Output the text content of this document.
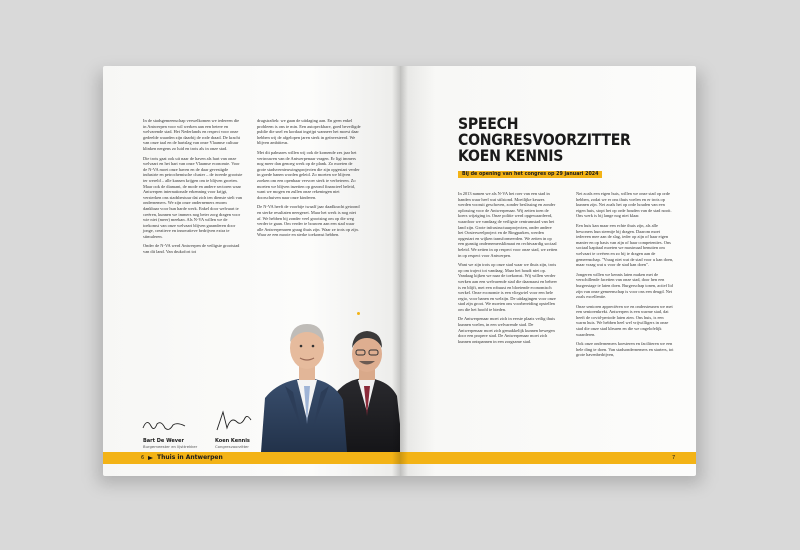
In de stadsgemeenschap verwelkomen we iedereen die in Antwerpen voor wil werken aan een betere en welvarende stad. Het Nederlands en respect voor onze gedeelde waarden zijn daarbij de rode draad. De kracht van onze taal en de hartslag van onze Vlaamse cultuur klinken nergens zo luid en trots als in onze stad.

Die trots gaat ook uit naar de haven als hart van onze welvaart en het hart van onze Vlaamse economie. Voor de N-VA moet onze haven en de daar gevestigde industrie en petrochemische cluster – de tweede grootste ter wereld – alle kansen krijgen om te blijven groeien. Maar ook de diamant, de mode en andere sectoren waar Antwerpen internationale erkenning voor krijgt, versterken ons stadsbestuur dat zich ten dienste stelt van ondernemers. We zijn onze ondernemers enorm dankbaar voor hun harde werk. Enkel door welvaart te creëren, kunnen we immers nog beter zorg dragen voor wie niet (meer) meekan. Als N-VA willen we de toekomst van onze welvaart blijven garanderen door jonge, creatieve en innovatieve bedrijven extra te stimuleren.

Onder de N-VA werd Antwerpen de veiligste grootstad van dit land. Van drukofort tot

drugstrafiek: we gaan de uitdaging aan. En geen enkel probleem is ons te min. Een autopeckbare, goed beveiligde publie die snel en kordaat ingrijpt wanneer het moest daar hebben wij de afgelopen jaren sterk in geïnvesteerd. We blijven ambitieus.

Met dit palmares willen wij ook de komende zes jaar het vertrouwen van de Antwerpenaar vragen. Er ligt immers nog meer dan genoeg werk op de plank. Zo moeten de grote stadsvernieuwingsprojecten die zijn opgestart verder in goede banen worden geleid. Zo moeten we blijven zoeken om een openbaar vervoer sterk te verbeteren. Zo moeten we blijven inzetten op gezond financieel beleid, want we mogen en zullen onze rekeningen niet doorschuiven naar onze kinderen.

De N-VA heeft de voorbije twaalf jaar daadkracht getoond en sterke resultaten neergezet. Maar het werk is nog niet af. We hebben bij zonder veel grootsing om op die weg verder te gaan. Om verder te bouwen aan een stad waar alle Antwerpenaren graag thuis zijn. Waar ze trots op zijn. Waar ze een mooie en sterke toekomst hebben.

Bart De Wever
Burgemeester en lijsttrekker
Koen Kennis
Congresvoorzitter
6 Thuis in Antwerpen
SPEECH
CONGRESVOORZITTER
KOEN KENNIS
Bij de opening van het congres op 29 januari 2024

In 2013 namen we als N-VA het roer van een stad in handen waar heel wat stilstond. Moeilijke keuzes werden vooruit geschoven, zonder beslissing en zonder oplossing voor de Antwerpenaar. Wij zetten toen de koers wijziging in. Onze politie werd opgewaardeerd, waardoor we vandaag de veiligste centrumstad van het land zijn. Grote infrastructuurprojecten, onder andere het Oosterweelproject en de Ringparken, werden opgestart en wijken transformeerden. We zetten in op een gunstig ondernemersklimaat en rechtvaardig sociaal beleid. We zetten in op respect voor onze stad, we zetten in op respect voor Antwerpen.

Want we zijn trots op onze stad waar we thuis zijn, trots op om traject tot vandaag. Maar het houdt niet op. Vandaag kijken we naar de toekomst. Wij willen verder werken aan een welvarende stad die daarnaast en beheer is en blijft, met een robuust en bloeiende economisch werkel. Onze economie is een vliegwiel voor een hele regio, voor banen en welzijn. De uitdagingen voor onze stad zijn groot. We moeten ons voorbereiding opstellen om die het hoofd te bieden.

De Antwerpenaar moet zich in eerste plaats veilig thuis kunnen voelen, in een welvarende stad. De Antwerpenaar moet zich gemakkelijk kunnen bewegen door een propere stad. De Antwerpenaar moet zich kunnen ontspannen in een zorgzame stad.

Net zoals een eigen huis, willen we onze stad op orde hebben, zodat we er ons thuis voelen en er trots op kunnen zijn. Net zoals het op orde houden van een eigen huis, stopt het op orde houden van de stad nooit. Ons werk is bij lange nog niet klaar.

Een huis kan maar een echte thuis zijn, als alle bewoners hun steentje bij dragen. Daarom moet iedereen mee aan de slag, ieder op zijn of haar eigen manier en op basis van zijn of haar competenties. Ons sociaal kapitaal moeten we maximaal benutten om welvaart te creëren en zo bij te dragen aan de gemeenschap. "Vraag niet wat de stad voor u kan doen, maar vraag wat u voor de stad kan doen".

Jongeren willen we kennis laten maken met de verschillende facetten van onze stad, door hen een burgerstage te laten doen. Burgerschap tonen, actief lid zijn van onze gemeenschap is voor ons een deugd. Net zoals excellentie.

Onze senioren appreciëren we en ondersteunen we met een seniorenkrekt. Antwerpen is een warme stad, dat heeft de covid-periode laten zien. Ons huis, is een warm huis. We hebben heel wel vrijwilligers in onze stad die onze stad kleuren en die we ongelofelijk waarderen.

Ook onze ondernemers koesteren en faciliteren we een hele ding te doen. Van stadsondernemers en starters, tot grote havenbedrijven,

7
